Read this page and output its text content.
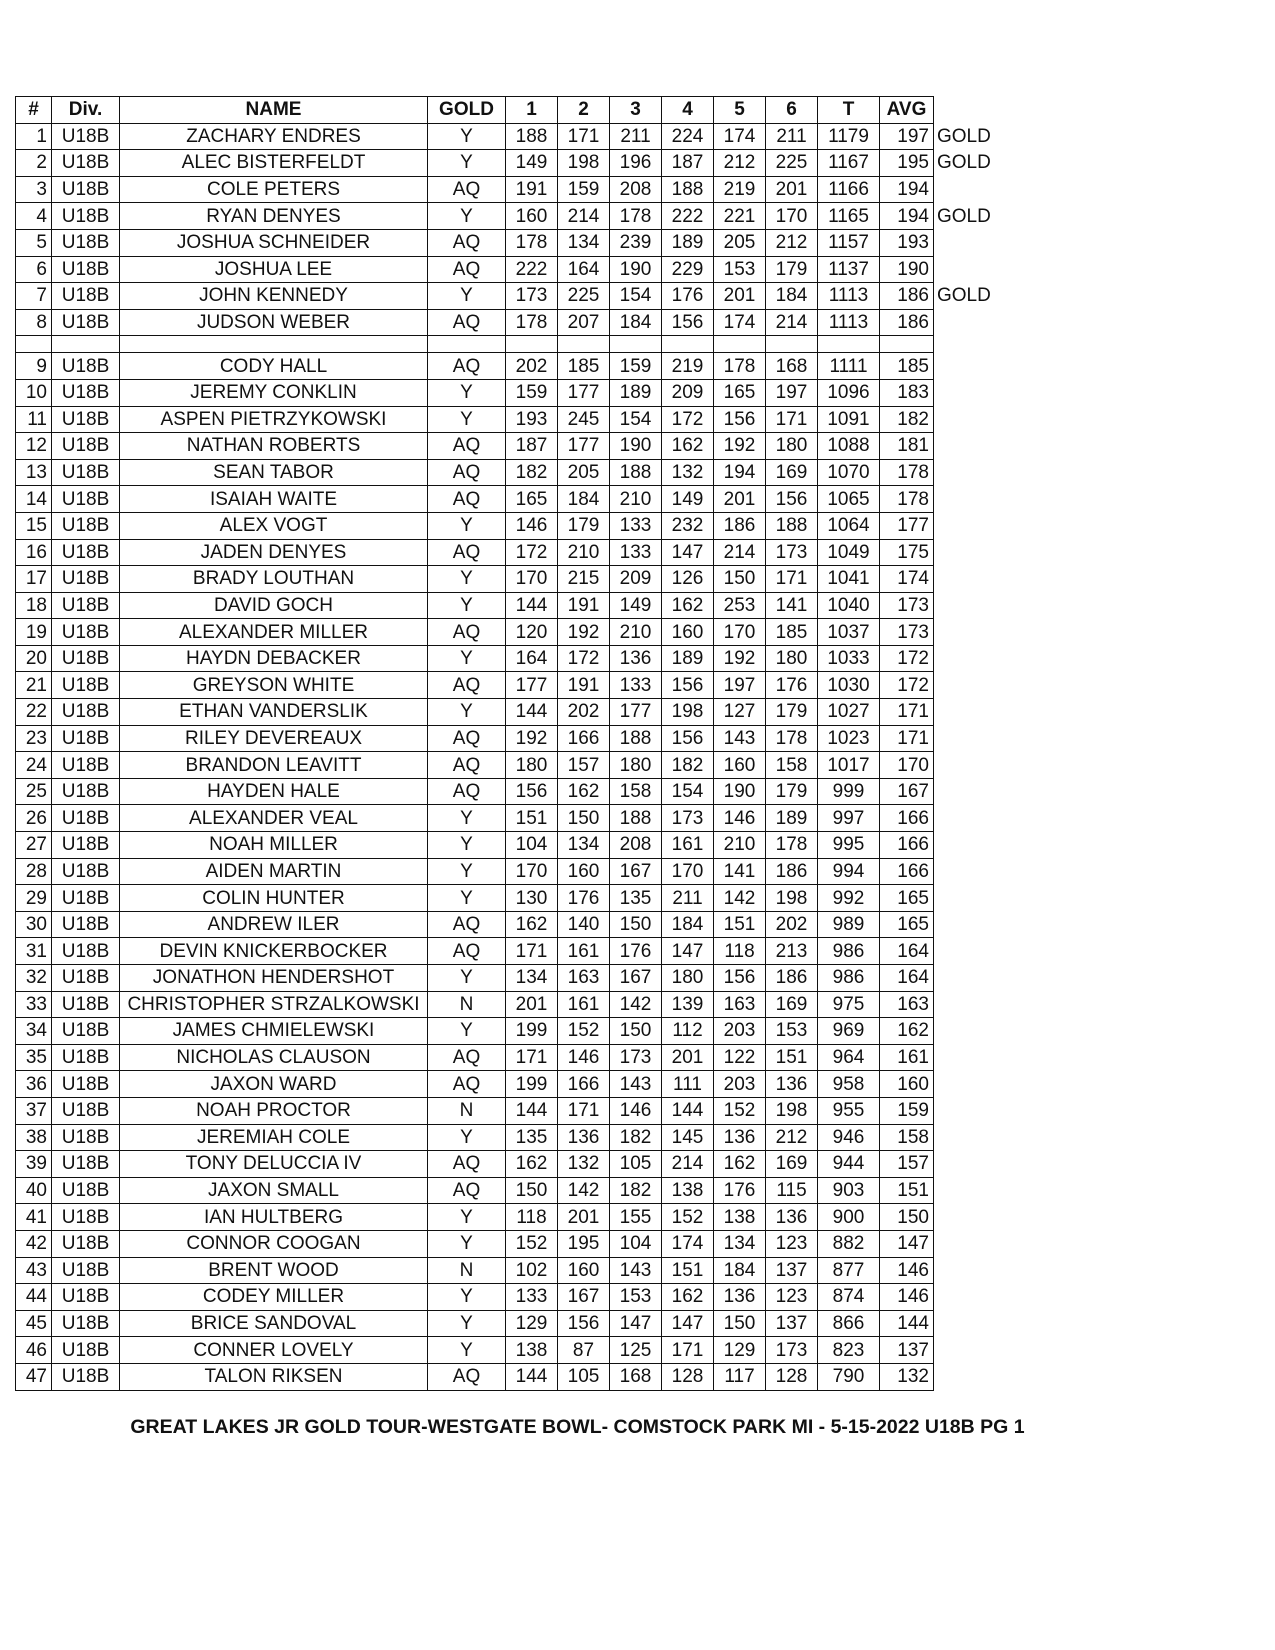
#	Div.	NAME	GOLD	1	2	3	4	5	6	T	AVG	
1	U18B	ZACHARY ENDRES	Y	188	171	211	224	174	211	1179	197	GOLD
2	U18B	ALEC BISTERFELDT	Y	149	198	196	187	212	225	1167	195	GOLD
3	U18B	COLE PETERS	AQ	191	159	208	188	219	201	1166	194	
4	U18B	RYAN DENYES	Y	160	214	178	222	221	170	1165	194	GOLD
5	U18B	JOSHUA SCHNEIDER	AQ	178	134	239	189	205	212	1157	193	
6	U18B	JOSHUA LEE	AQ	222	164	190	229	153	179	1137	190	
7	U18B	JOHN KENNEDY	Y	173	225	154	176	201	184	1113	186	GOLD
8	U18B	JUDSON WEBER	AQ	178	207	184	156	174	214	1113	186	

9	U18B	CODY HALL	AQ	202	185	159	219	178	168	1111	185	
10	U18B	JEREMY CONKLIN	Y	159	177	189	209	165	197	1096	183	
11	U18B	ASPEN PIETRZYKOWSKI	Y	193	245	154	172	156	171	1091	182	
12	U18B	NATHAN ROBERTS	AQ	187	177	190	162	192	180	1088	181	
13	U18B	SEAN TABOR	AQ	182	205	188	132	194	169	1070	178	
14	U18B	ISAIAH WAITE	AQ	165	184	210	149	201	156	1065	178	
15	U18B	ALEX VOGT	Y	146	179	133	232	186	188	1064	177	
16	U18B	JADEN DENYES	AQ	172	210	133	147	214	173	1049	175	
17	U18B	BRADY LOUTHAN	Y	170	215	209	126	150	171	1041	174	
18	U18B	DAVID GOCH	Y	144	191	149	162	253	141	1040	173	
19	U18B	ALEXANDER MILLER	AQ	120	192	210	160	170	185	1037	173	
20	U18B	HAYDN DEBACKER	Y	164	172	136	189	192	180	1033	172	
21	U18B	GREYSON WHITE	AQ	177	191	133	156	197	176	1030	172	
22	U18B	ETHAN VANDERSLIK	Y	144	202	177	198	127	179	1027	171	
23	U18B	RILEY DEVEREAUX	AQ	192	166	188	156	143	178	1023	171	
24	U18B	BRANDON LEAVITT	AQ	180	157	180	182	160	158	1017	170	
25	U18B	HAYDEN HALE	AQ	156	162	158	154	190	179	999	167	
26	U18B	ALEXANDER VEAL	Y	151	150	188	173	146	189	997	166	
27	U18B	NOAH MILLER	Y	104	134	208	161	210	178	995	166	
28	U18B	AIDEN MARTIN	Y	170	160	167	170	141	186	994	166	
29	U18B	COLIN HUNTER	Y	130	176	135	211	142	198	992	165	
30	U18B	ANDREW ILER	AQ	162	140	150	184	151	202	989	165	
31	U18B	DEVIN KNICKERBOCKER	AQ	171	161	176	147	118	213	986	164	
32	U18B	JONATHON HENDERSHOT	Y	134	163	167	180	156	186	986	164	
33	U18B	CHRISTOPHER STRZALKOWSKI	N	201	161	142	139	163	169	975	163	
34	U18B	JAMES CHMIELEWSKI	Y	199	152	150	112	203	153	969	162	
35	U18B	NICHOLAS CLAUSON	AQ	171	146	173	201	122	151	964	161	
36	U18B	JAXON WARD	AQ	199	166	143	111	203	136	958	160	
37	U18B	NOAH PROCTOR	N	144	171	146	144	152	198	955	159	
38	U18B	JEREMIAH COLE	Y	135	136	182	145	136	212	946	158	
39	U18B	TONY DELUCCIA IV	AQ	162	132	105	214	162	169	944	157	
40	U18B	JAXON SMALL	AQ	150	142	182	138	176	115	903	151	
41	U18B	IAN HULTBERG	Y	118	201	155	152	138	136	900	150	
42	U18B	CONNOR COOGAN	Y	152	195	104	174	134	123	882	147	
43	U18B	BRENT WOOD	N	102	160	143	151	184	137	877	146	
44	U18B	CODEY MILLER	Y	133	167	153	162	136	123	874	146	
45	U18B	BRICE SANDOVAL	Y	129	156	147	147	150	137	866	144	
46	U18B	CONNER LOVELY	Y	138	87	125	171	129	173	823	137	
47	U18B	TALON RIKSEN	AQ	144	105	168	128	117	128	790	132	
GREAT LAKES JR GOLD TOUR-WESTGATE BOWL- COMSTOCK PARK MI - 5-15-2022 U18B PG 1
